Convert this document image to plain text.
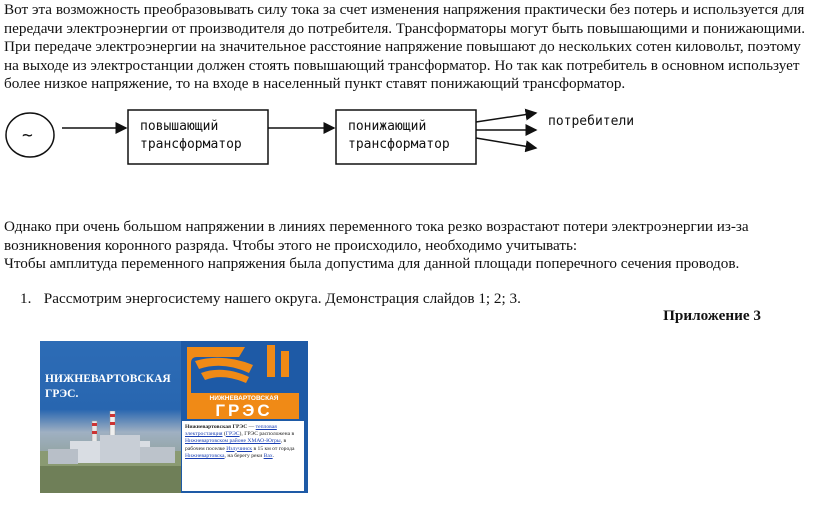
Вот эта возможность преобразовывать силу тока за счет изменения напряжения практически без потерь и используется для передачи электроэнергии от производителя до потребителя. Трансформаторы могут быть повышающими и понижающими. При передаче электроэнергии на значительное расстояние напряжение повышают до нескольких сотен киловольт, поэтому на выходе из электростанции должен стоять повышающий трансформатор. Но так как потребитель в основном использует более низкое напряжение, то на входе в населенный пункт ставят понижающий трансформатор.

~	повышающий
трансформатор
понижающий
трансформатор
потребители

Однако при очень большом напряжении в линиях переменного тока резко возрастают потери электроэнергии из-за возникновения коронного разряда. Чтобы этого не происходило, необходимо учитывать:
Чтобы амплитуда переменного напряжения была допустима для данной площади поперечного сечения проводов.

1. Рассмотрим энергосистему нашего округа. Демонстрация слайдов 1; 2; 3.
Приложение 3
НИЖНЕВАРТОВСКАЯ
ГРЭС.	НИЖНЕВАРТОВСКАЯ
ГРЭС
Нижневартовская ГРЭС — тепловая электростанция (ГРЭС), ГРЭС расположена в Нижневартовском районе ХМАО-Югры, в рабочем поселке Излучинск в 15 км от города Нижневартовска, на берегу реки Вах.
